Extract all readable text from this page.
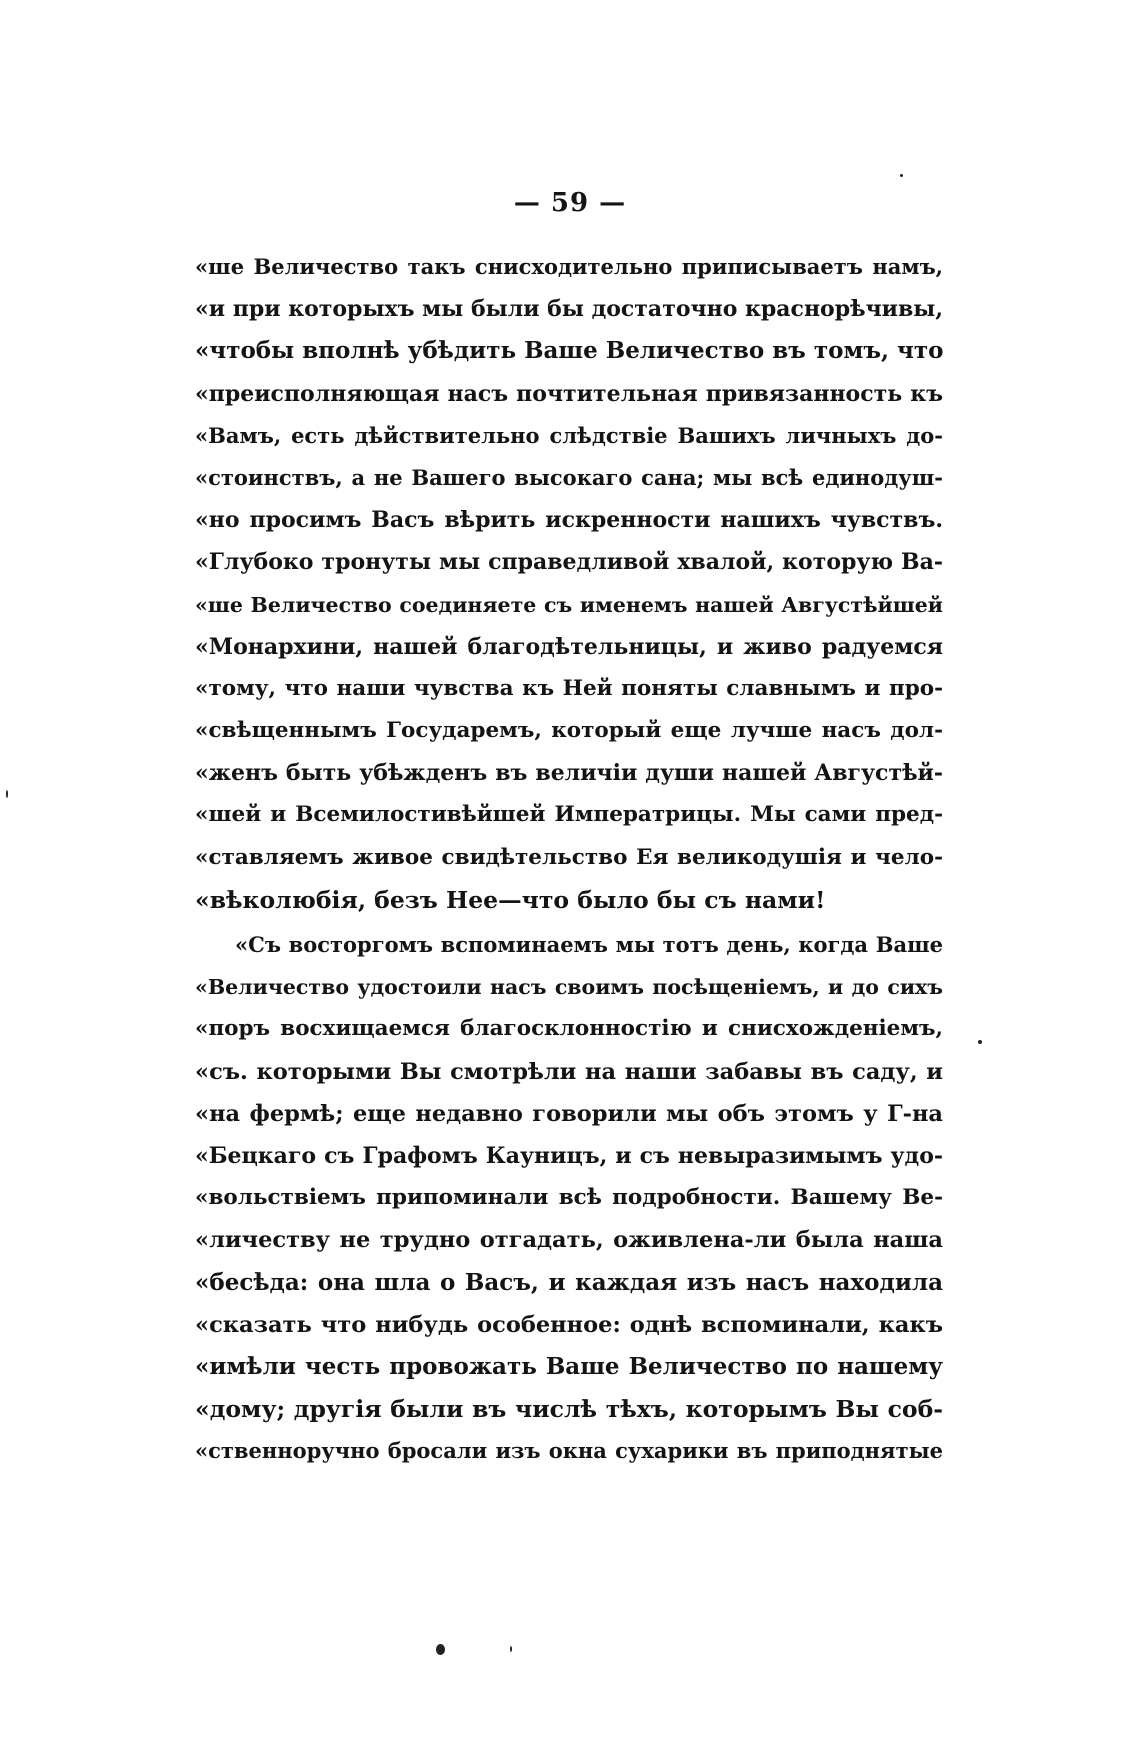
— 59 —
«ше Величество такъ снисходительно приписываетъ намъ,
«и при которыхъ мы были бы достаточно краснорѣчивы,
«чтобы вполнѣ убѣдить Ваше Величество въ томъ, что
«преисполняющая насъ почтительная привязанность къ
«Вамъ, есть дѣйствительно слѣдствіе Вашихъ личныхъ до-
«стоинствъ, а не Вашего высокаго сана; мы всѣ единодуш-
«но просимъ Васъ вѣрить искренности нашихъ чувствъ.
«Глубоко тронуты мы справедливой хвалой, которую Ва-
«ше Величество соединяете съ именемъ нашей Августѣйшей
«Монархини, нашей благодѣтельницы, и живо радуемся
«тому, что наши чувства къ Ней поняты славнымъ и про-
«свѣщеннымъ Государемъ, который еще лучше насъ дол-
«женъ быть убѣжденъ въ величіи души нашей Августѣй-
«шей и Всемилостивѣйшей Императрицы. Мы сами пред-
«ставляемъ живое свидѣтельство Ея великодушія и чело-
«вѣколюбія, безъ Нее—что было бы съ нами!
«Съ восторгомъ вспоминаемъ мы тотъ день, когда Ваше
«Величество удостоили насъ своимъ посѣщеніемъ, и до сихъ
«поръ восхищаемся благосклонностію и снисхожденіемъ,
«съ. которыми Вы смотрѣли на наши забавы въ саду, и
«на фермѣ; еще недавно говорили мы объ этомъ у Г-на
«Бецкаго съ Графомъ Кауницъ, и съ невыразимымъ удо-
«вольствіемъ припоминали всѣ подробности. Вашему Ве-
«личеству не трудно отгадать, оживлена-ли была наша
«бесѣда: она шла о Васъ, и каждая изъ насъ находила
«сказать что нибудь особенное: однѣ вспоминали, какъ
«имѣли честь провожать Ваше Величество по нашему
«дому; другія были въ числѣ тѣхъ, которымъ Вы соб-
«ственноручно бросали изъ окна сухарики въ приподнятые
